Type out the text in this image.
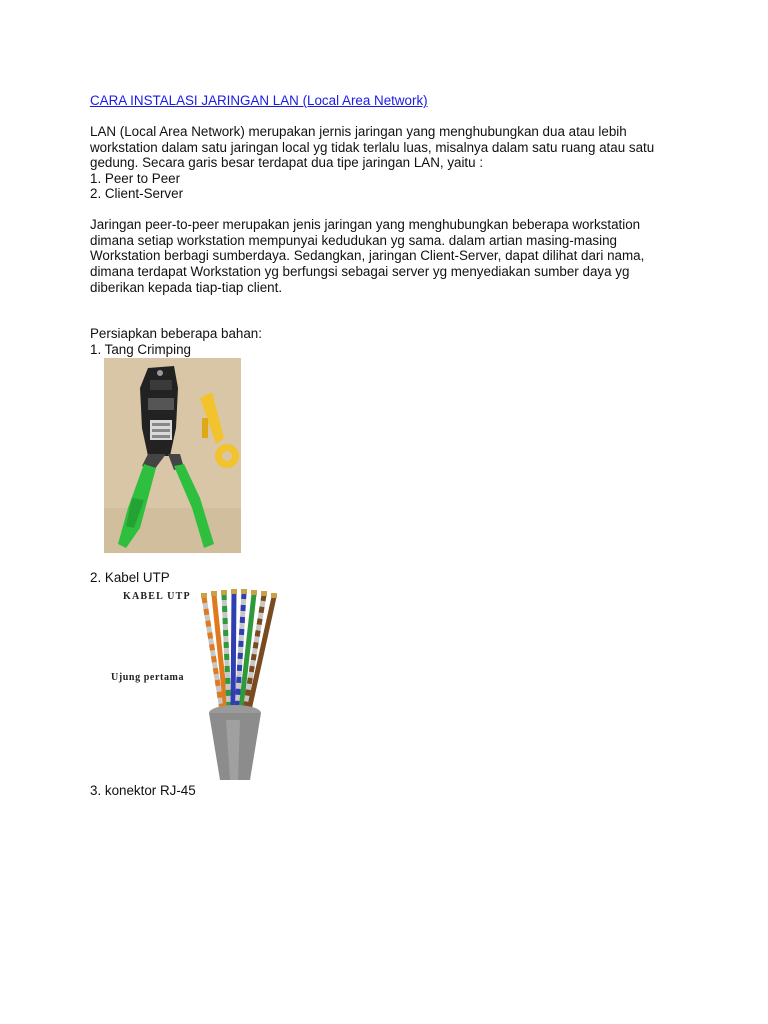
CARA INSTALASI JARINGAN LAN (Local Area Network)
LAN (Local Area Network) merupakan jernis jaringan yang menghubungkan dua atau lebih
workstation dalam satu jaringan local yg tidak terlalu luas, misalnya dalam satu ruang atau satu
gedung. Secara garis besar terdapat dua tipe jaringan LAN, yaitu :
1. Peer to Peer
2. Client-Server
Jaringan peer-to-peer merupakan jenis jaringan yang menghubungkan beberapa workstation
dimana setiap workstation mempunyai kedudukan yg sama. dalam artian masing-masing
Workstation berbagi sumberdaya. Sedangkan, jaringan Client-Server, dapat dilihat dari nama,
dimana terdapat Workstation yg berfungsi sebagai server yg menyediakan sumber daya yg
diberikan kepada tiap-tiap client.
Persiapkan beberapa bahan:
1. Tang Crimping
2. Kabel UTP
KABEL UTP
Ujung pertama
3. konektor RJ-45
